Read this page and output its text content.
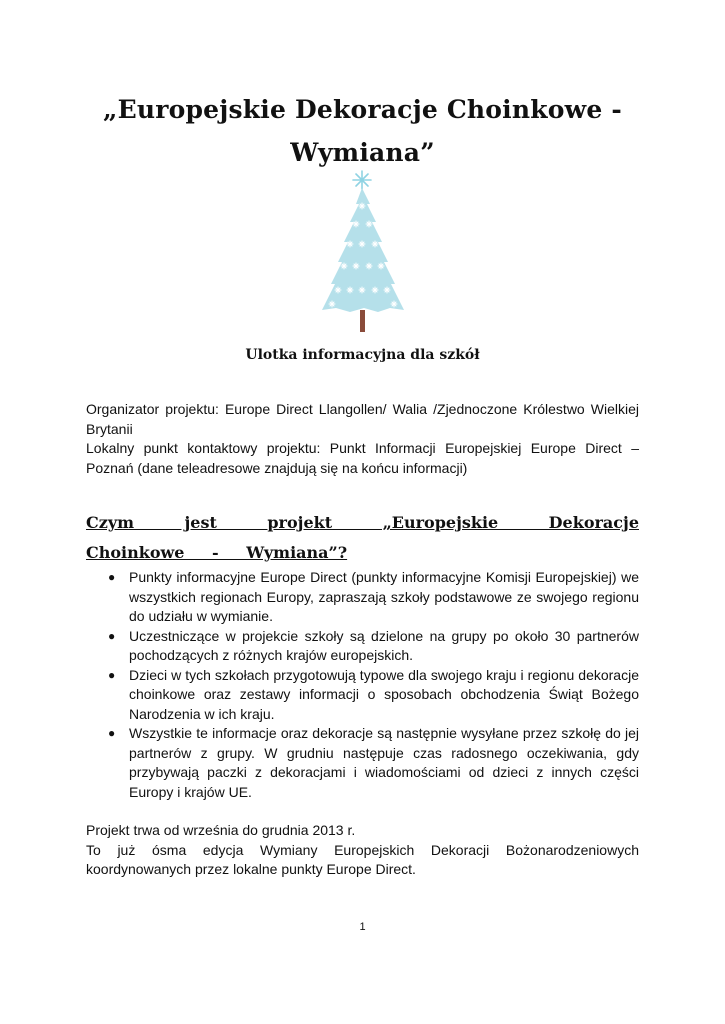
„Europejskie Dekoracje Choinkowe - Wymiana”
Ulotka informacyjna dla szkół

Organizator projektu: Europe Direct Llangollen/ Walia /Zjednoczone Królestwo Wielkiej Brytanii

Lokalny punkt kontaktowy projektu: Punkt Informacji Europejskiej Europe Direct – Poznań (dane teleadresowe znajdują się na końcu informacji)

Czym jest projekt „Europejskie Dekoracje Choinkowe - Wymiana”?
● Punkty informacyjne Europe Direct (punkty informacyjne Komisji Europejskiej) we wszystkich regionach Europy, zapraszają szkoły podstawowe ze swojego regionu do udziału w wymianie.
● Uczestniczące w projekcie szkoły są dzielone na grupy po około 30 partnerów pochodzących z różnych krajów europejskich.
● Dzieci w tych szkołach przygotowują typowe dla swojego kraju i regionu dekoracje choinkowe oraz zestawy informacji o sposobach obchodzenia Świąt Bożego Narodzenia w ich kraju.
● Wszystkie te informacje oraz dekoracje są następnie wysyłane przez szkołę do jej partnerów z grupy. W grudniu następuje czas radosnego oczekiwania, gdy przybywają paczki z dekoracjami i wiadomościami od dzieci z innych części Europy i krajów UE.

Projekt trwa od września do grudnia 2013 r.

To już ósma edycja Wymiany Europejskich Dekoracji Bożonarodzeniowych koordynowanych przez lokalne punkty Europe Direct.

1
